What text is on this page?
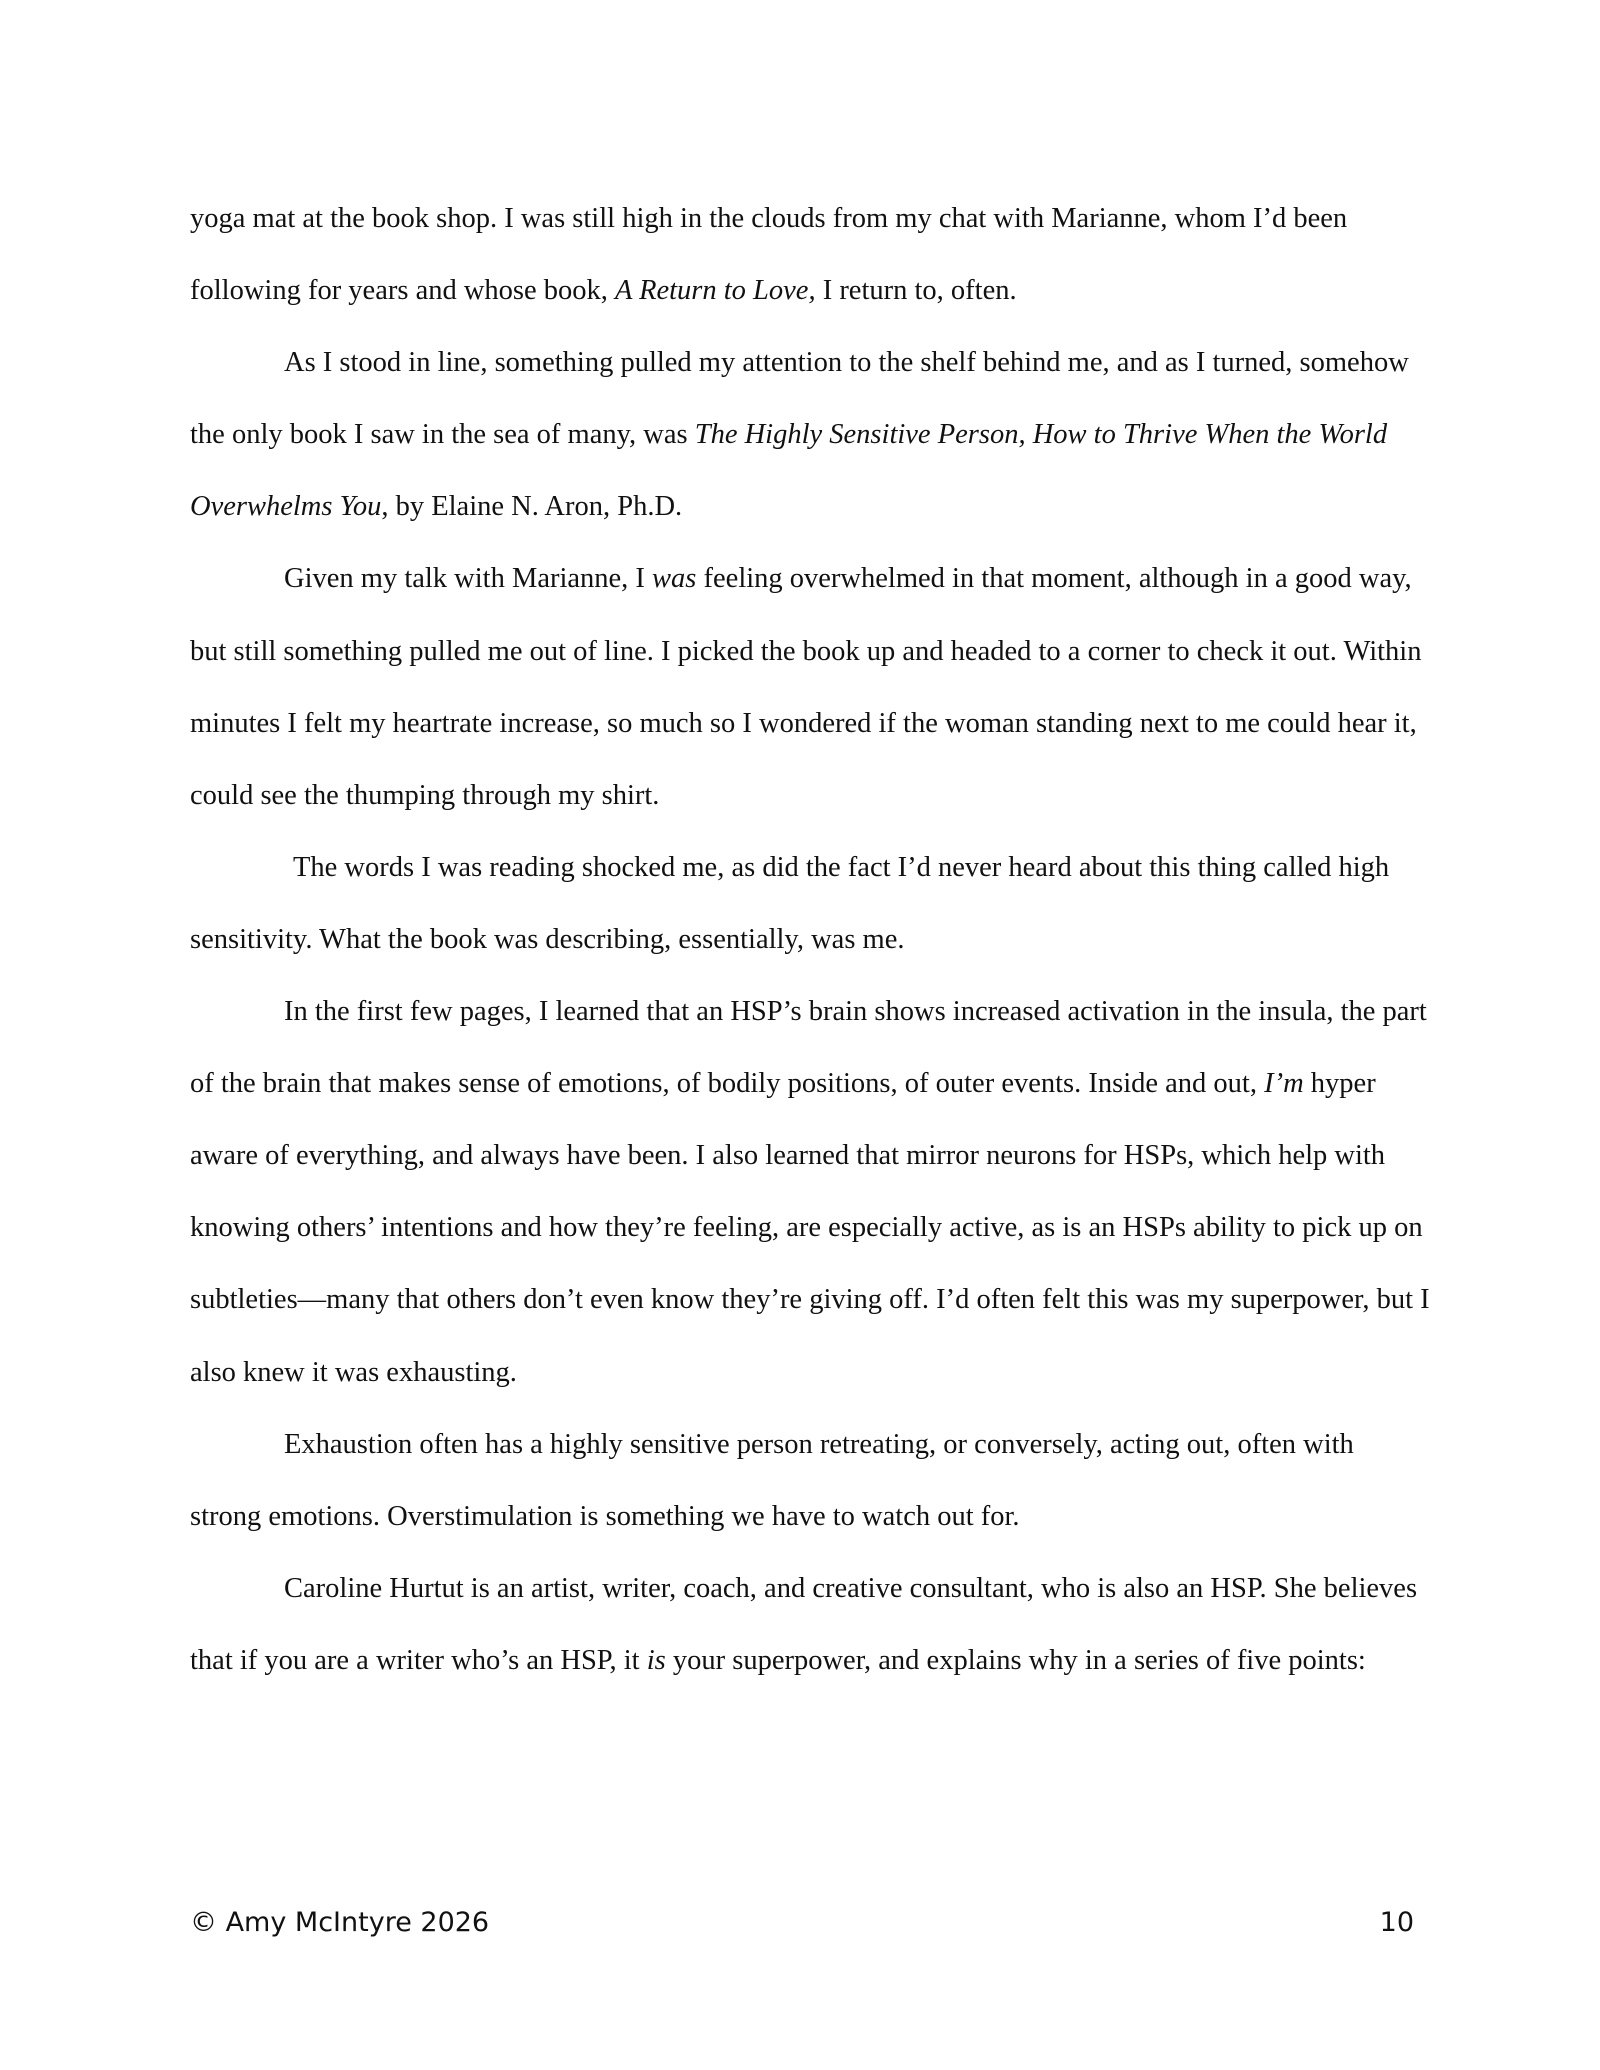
yoga mat at the book shop. I was still high in the clouds from my chat with Marianne, whom I’d been following for years and whose book, A Return to Love, I return to, often.

As I stood in line, something pulled my attention to the shelf behind me, and as I turned, somehow the only book I saw in the sea of many, was The Highly Sensitive Person, How to Thrive When the World Overwhelms You, by Elaine N. Aron, Ph.D.

Given my talk with Marianne, I was feeling overwhelmed in that moment, although in a good way, but still something pulled me out of line. I picked the book up and headed to a corner to check it out. Within minutes I felt my heartrate increase, so much so I wondered if the woman standing next to me could hear it, could see the thumping through my shirt.

The words I was reading shocked me, as did the fact I’d never heard about this thing called high sensitivity. What the book was describing, essentially, was me.

In the first few pages, I learned that an HSP’s brain shows increased activation in the insula, the part of the brain that makes sense of emotions, of bodily positions, of outer events. Inside and out, I’m hyper aware of everything, and always have been. I also learned that mirror neurons for HSPs, which help with knowing others’ intentions and how they’re feeling, are especially active, as is an HSPs ability to pick up on subtleties—many that others don’t even know they’re giving off. I’d often felt this was my superpower, but I also knew it was exhausting.

Exhaustion often has a highly sensitive person retreating, or conversely, acting out, often with strong emotions. Overstimulation is something we have to watch out for.

Caroline Hurtut is an artist, writer, coach, and creative consultant, who is also an HSP. She believes that if you are a writer who’s an HSP, it is your superpower, and explains why in a series of five points:

© Amy McIntyre 2026	10
